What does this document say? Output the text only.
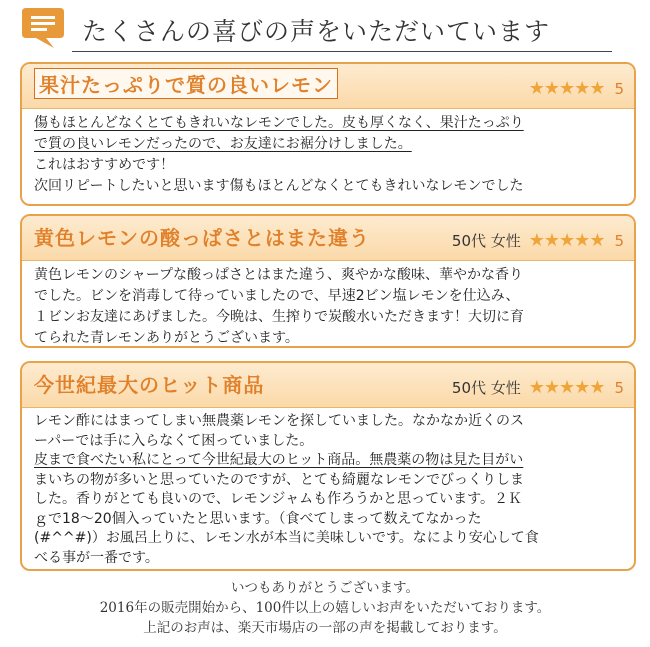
たくさんの喜びの声をいただいています
果汁たっぷりで質の良いレモン	★★★★★ 5
傷もほとんどなくとてもきれいなレモンでした。皮も厚くなく、果汁たっぷり
で質の良いレモンだったので、お友達にお裾分けしました。
これはおすすめです！
次回リピートしたいと思います傷もほとんどなくとてもきれいなレモンでした
黄色レモンの酸っぱさとはまた違う	50代 女性 ★★★★★ 5
黄色レモンのシャープな酸っぱさとはまた違う、爽やかな酸味、華やかな香り
でした。ビンを消毒して待っていましたので、早速2ビン塩レモンを仕込み、
１ビンお友達にあげました。今晩は、生搾りで炭酸水いただきます！大切に育
てられた青レモンありがとうございます。
今世紀最大のヒット商品	50代 女性 ★★★★★ 5
レモン酢にはまってしまい無農薬レモンを探していました。なかなか近くのス
ーパーでは手に入らなくて困っていました。
皮まで食べたい私にとって今世紀最大のヒット商品。無農薬の物は見た目がい
まいちの物が多いと思っていたのですが、とても綺麗なレモンでびっくりしま
した。香りがとても良いので、レモンジャムも作ろうかと思っています。２Ｋ
ｇで18～20個入っていたと思います。（食べてしまって数えてなかった
(#^^#)）お風呂上りに、レモン水が本当に美味しいです。なにより安心して食
べる事が一番です。
いつもありがとうございます。
2016年の販売開始から、100件以上の嬉しいお声をいただいております。
上記のお声は、楽天市場店の一部の声を掲載しております。
